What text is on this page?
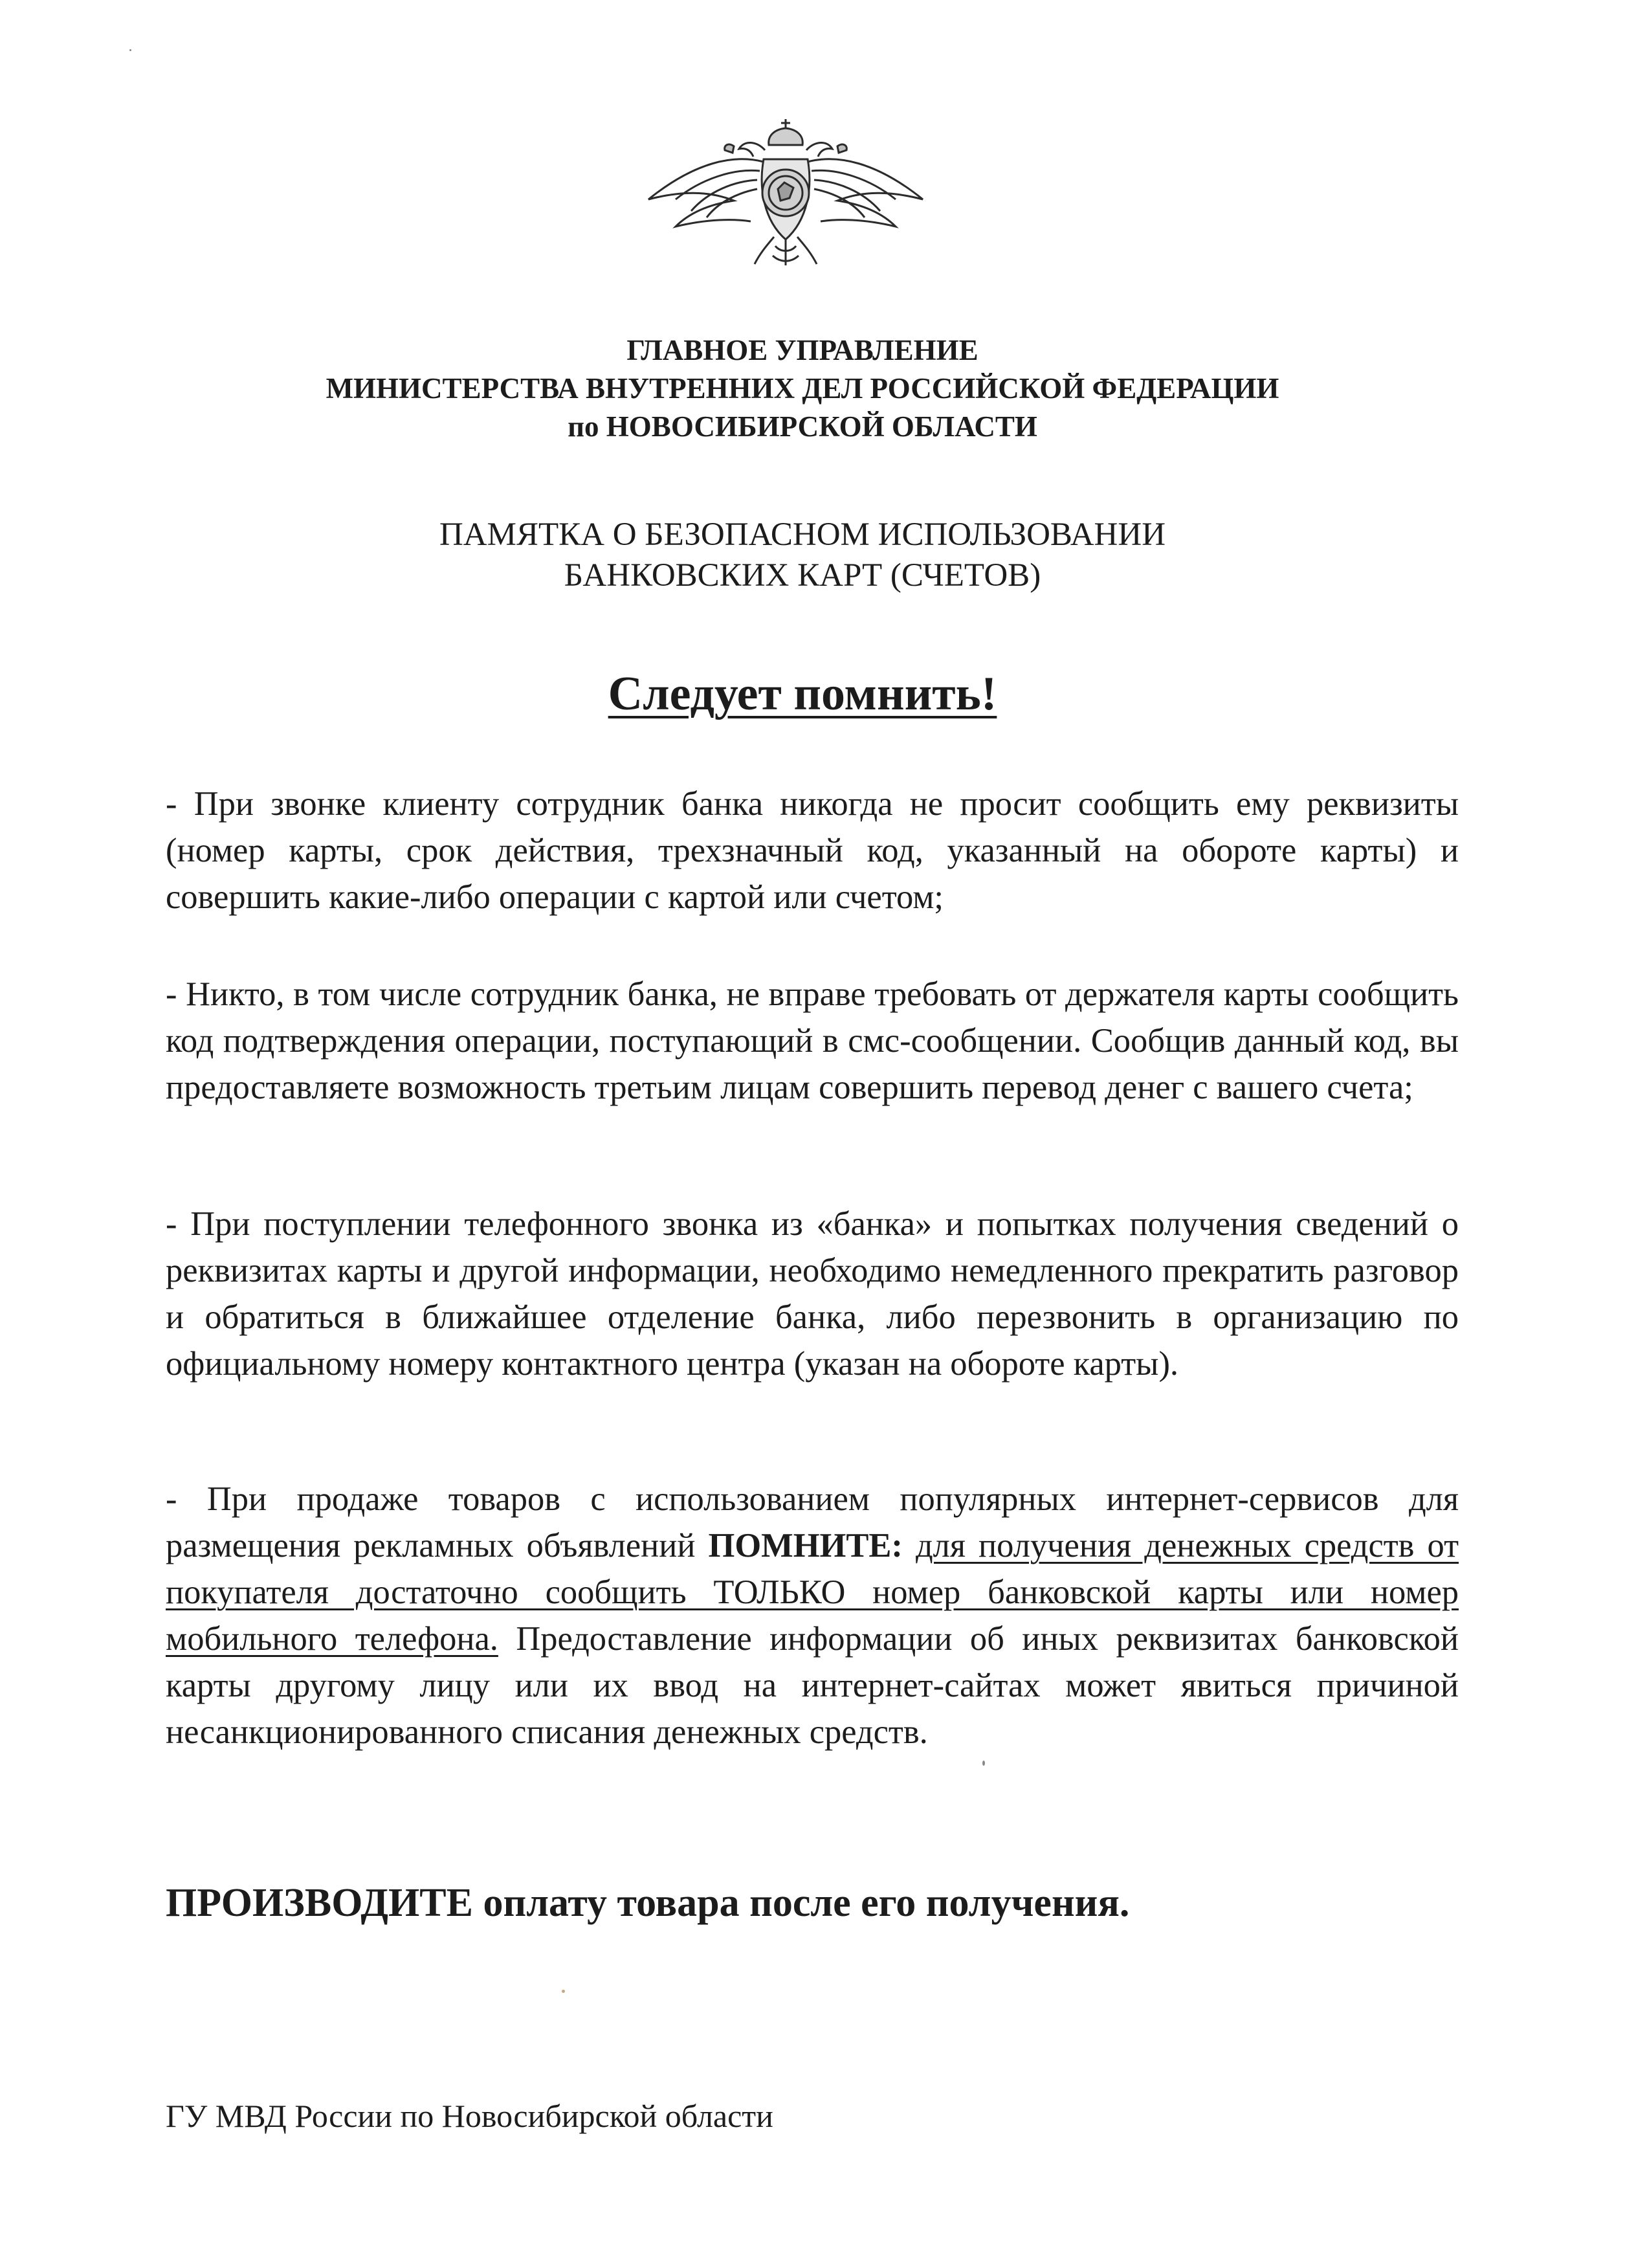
ГЛАВНОЕ УПРАВЛЕНИЕ
МИНИСТЕРСТВА ВНУТРЕННИХ ДЕЛ РОССИЙСКОЙ ФЕДЕРАЦИИ
по НОВОСИБИРСКОЙ ОБЛАСТИ
ПАМЯТКА О БЕЗОПАСНОМ ИСПОЛЬЗОВАНИИ
БАНКОВСКИХ КАРТ (СЧЕТОВ)
Следует помнить!

- При звонке клиенту сотрудник банка никогда не просит сообщить ему реквизиты (номер карты, срок действия, трехзначный код, указанный на обороте карты) и совершить какие-либо операции с картой или счетом;

- Никто, в том числе сотрудник банка, не вправе требовать от держателя карты сообщить код подтверждения операции, поступающий в смс-сообщении. Сообщив данный код, вы предоставляете возможность третьим лицам совершить перевод денег с вашего счета;

- При поступлении телефонного звонка из «банка» и попытках получения сведений о реквизитах карты и другой информации, необходимо немедленного прекратить разговор и обратиться в ближайшее отделение банка, либо перезвонить в организацию по официальному номеру контактного центра (указан на обороте карты).

- При продаже товаров с использованием популярных интернет-сервисов для размещения рекламных объявлений ПОМНИТЕ: для получения денежных средств от покупателя достаточно сообщить ТОЛЬКО номер банковской карты или номер мобильного телефона. Предоставление информации об иных реквизитах банковской карты другому лицу или их ввод на интернет-сайтах может явиться причиной несанкционированного списания денежных средств.

ПРОИЗВОДИТЕ оплату товара после его получения.
ГУ МВД России по Новосибирской области
